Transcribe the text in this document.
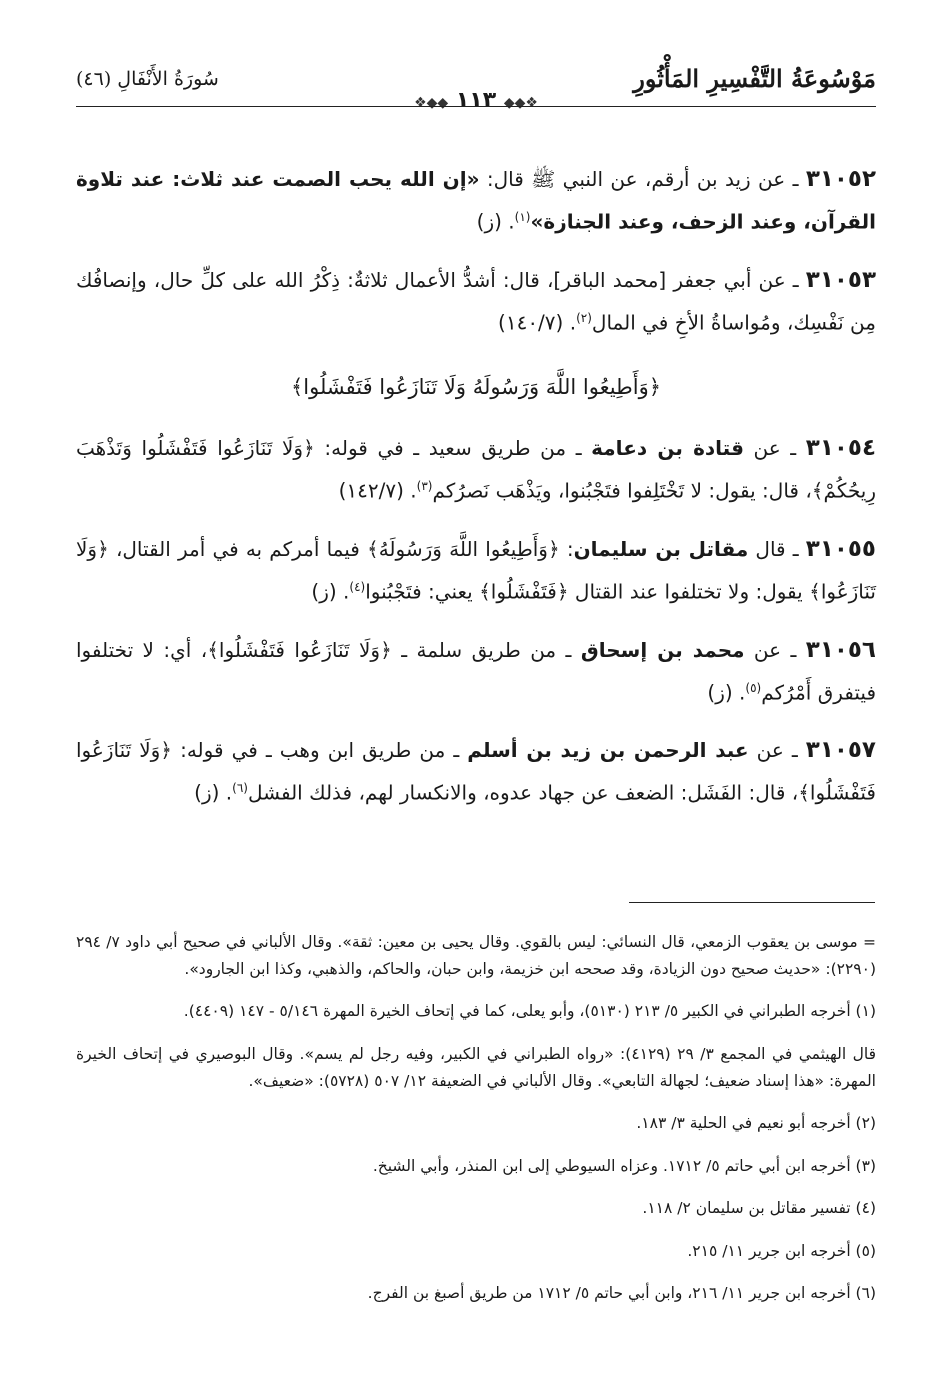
مَوْسُوعَةُ التَّفْسِيرِ المَأْثُورِ
سُورَةُ الأَنْفَالِ (٤٦)
❖◆◆ ١١٣ ◆◆❖

٣١٠٥٢ ـ عن زيد بن أرقم، عن النبي ﷺ قال: «إن الله يحب الصمت عند ثلاث: عند تلاوة القرآن، وعند الزحف، وعند الجنازة»$^{(١)}$. (ز)

٣١٠٥٣ ـ عن أبي جعفر [محمد الباقر]، قال: أشدُّ الأعمال ثلاثةٌ: ذِكْرُ الله على كلِّ حال، وإنصافُك مِن نَفْسِك، ومُواساةُ الأخِ في المال$^{(٢)}$. (١٤٠/٧)

﴿وَأَطِيعُوا اللَّهَ وَرَسُولَهُ وَلَا تَنَازَعُوا فَتَفْشَلُوا﴾

٣١٠٥٤ ـ عن قتادة بن دعامة ـ من طريق سعيد ـ في قوله: ﴿وَلَا تَنَازَعُوا فَتَفْشَلُوا وَتَذْهَبَ رِيحُكُمْ﴾، قال: يقول: لا تَخْتَلِفوا فتَجْبُنوا، ويَذْهَب نَصرُكم$^{(٣)}$. (١٤٢/٧)

٣١٠٥٥ ـ قال مقاتل بن سليمان: ﴿وَأَطِيعُوا اللَّهَ وَرَسُولَهُ﴾ فيما أمركم به في أمر القتال، ﴿وَلَا تَنَازَعُوا﴾ يقول: ولا تختلفوا عند القتال ﴿فَتَفْشَلُوا﴾ يعني: فتَجْبُنوا$^{(٤)}$. (ز)

٣١٠٥٦ ـ عن محمد بن إسحاق ـ من طريق سلمة ـ ﴿وَلَا تَنَازَعُوا فَتَفْشَلُوا﴾، أي: لا تختلفوا فيتفرق أَمْرُكم$^{(٥)}$. (ز)

٣١٠٥٧ ـ عن عبد الرحمن بن زيد بن أسلم ـ من طريق ابن وهب ـ في قوله: ﴿وَلَا تَنَازَعُوا فَتَفْشَلُوا﴾، قال: الفَشَل: الضعف عن جهاد عدوه، والانكسار لهم، فذلك الفشل$^{(٦)}$. (ز)

= موسى بن يعقوب الزمعي، قال النسائي: ليس بالقوي. وقال يحيى بن معين: ثقة». وقال الألباني في صحيح أبي داود ٧/ ٢٩٤ (٢٢٩٠): «حديث صحيح دون الزيادة، وقد صححه ابن خزيمة، وابن حبان، والحاكم، والذهبي، وكذا ابن الجارود».

(١) أخرجه الطبراني في الكبير ٥/ ٢١٣ (٥١٣٠)، وأبو يعلى، كما في إتحاف الخيرة المهرة ٥/١٤٦ - ١٤٧ (٤٤٠٩).

قال الهيثمي في المجمع ٣/ ٢٩ (٤١٢٩): «رواه الطبراني في الكبير، وفيه رجل لم يسم». وقال البوصيري في إتحاف الخيرة المهرة: «هذا إسناد ضعيف؛ لجهالة التابعي». وقال الألباني في الضعيفة ١٢/ ٥٠٧ (٥٧٢٨): «ضعيف».

(٢) أخرجه أبو نعيم في الحلية ٣/ ١٨٣.

(٣) أخرجه ابن أبي حاتم ٥/ ١٧١٢. وعزاه السيوطي إلى ابن المنذر، وأبي الشيخ.

(٤) تفسير مقاتل بن سليمان ٢/ ١١٨.

(٥) أخرجه ابن جرير ١١/ ٢١٥.

(٦) أخرجه ابن جرير ١١/ ٢١٦، وابن أبي حاتم ٥/ ١٧١٢ من طريق أصبغ بن الفرج.
